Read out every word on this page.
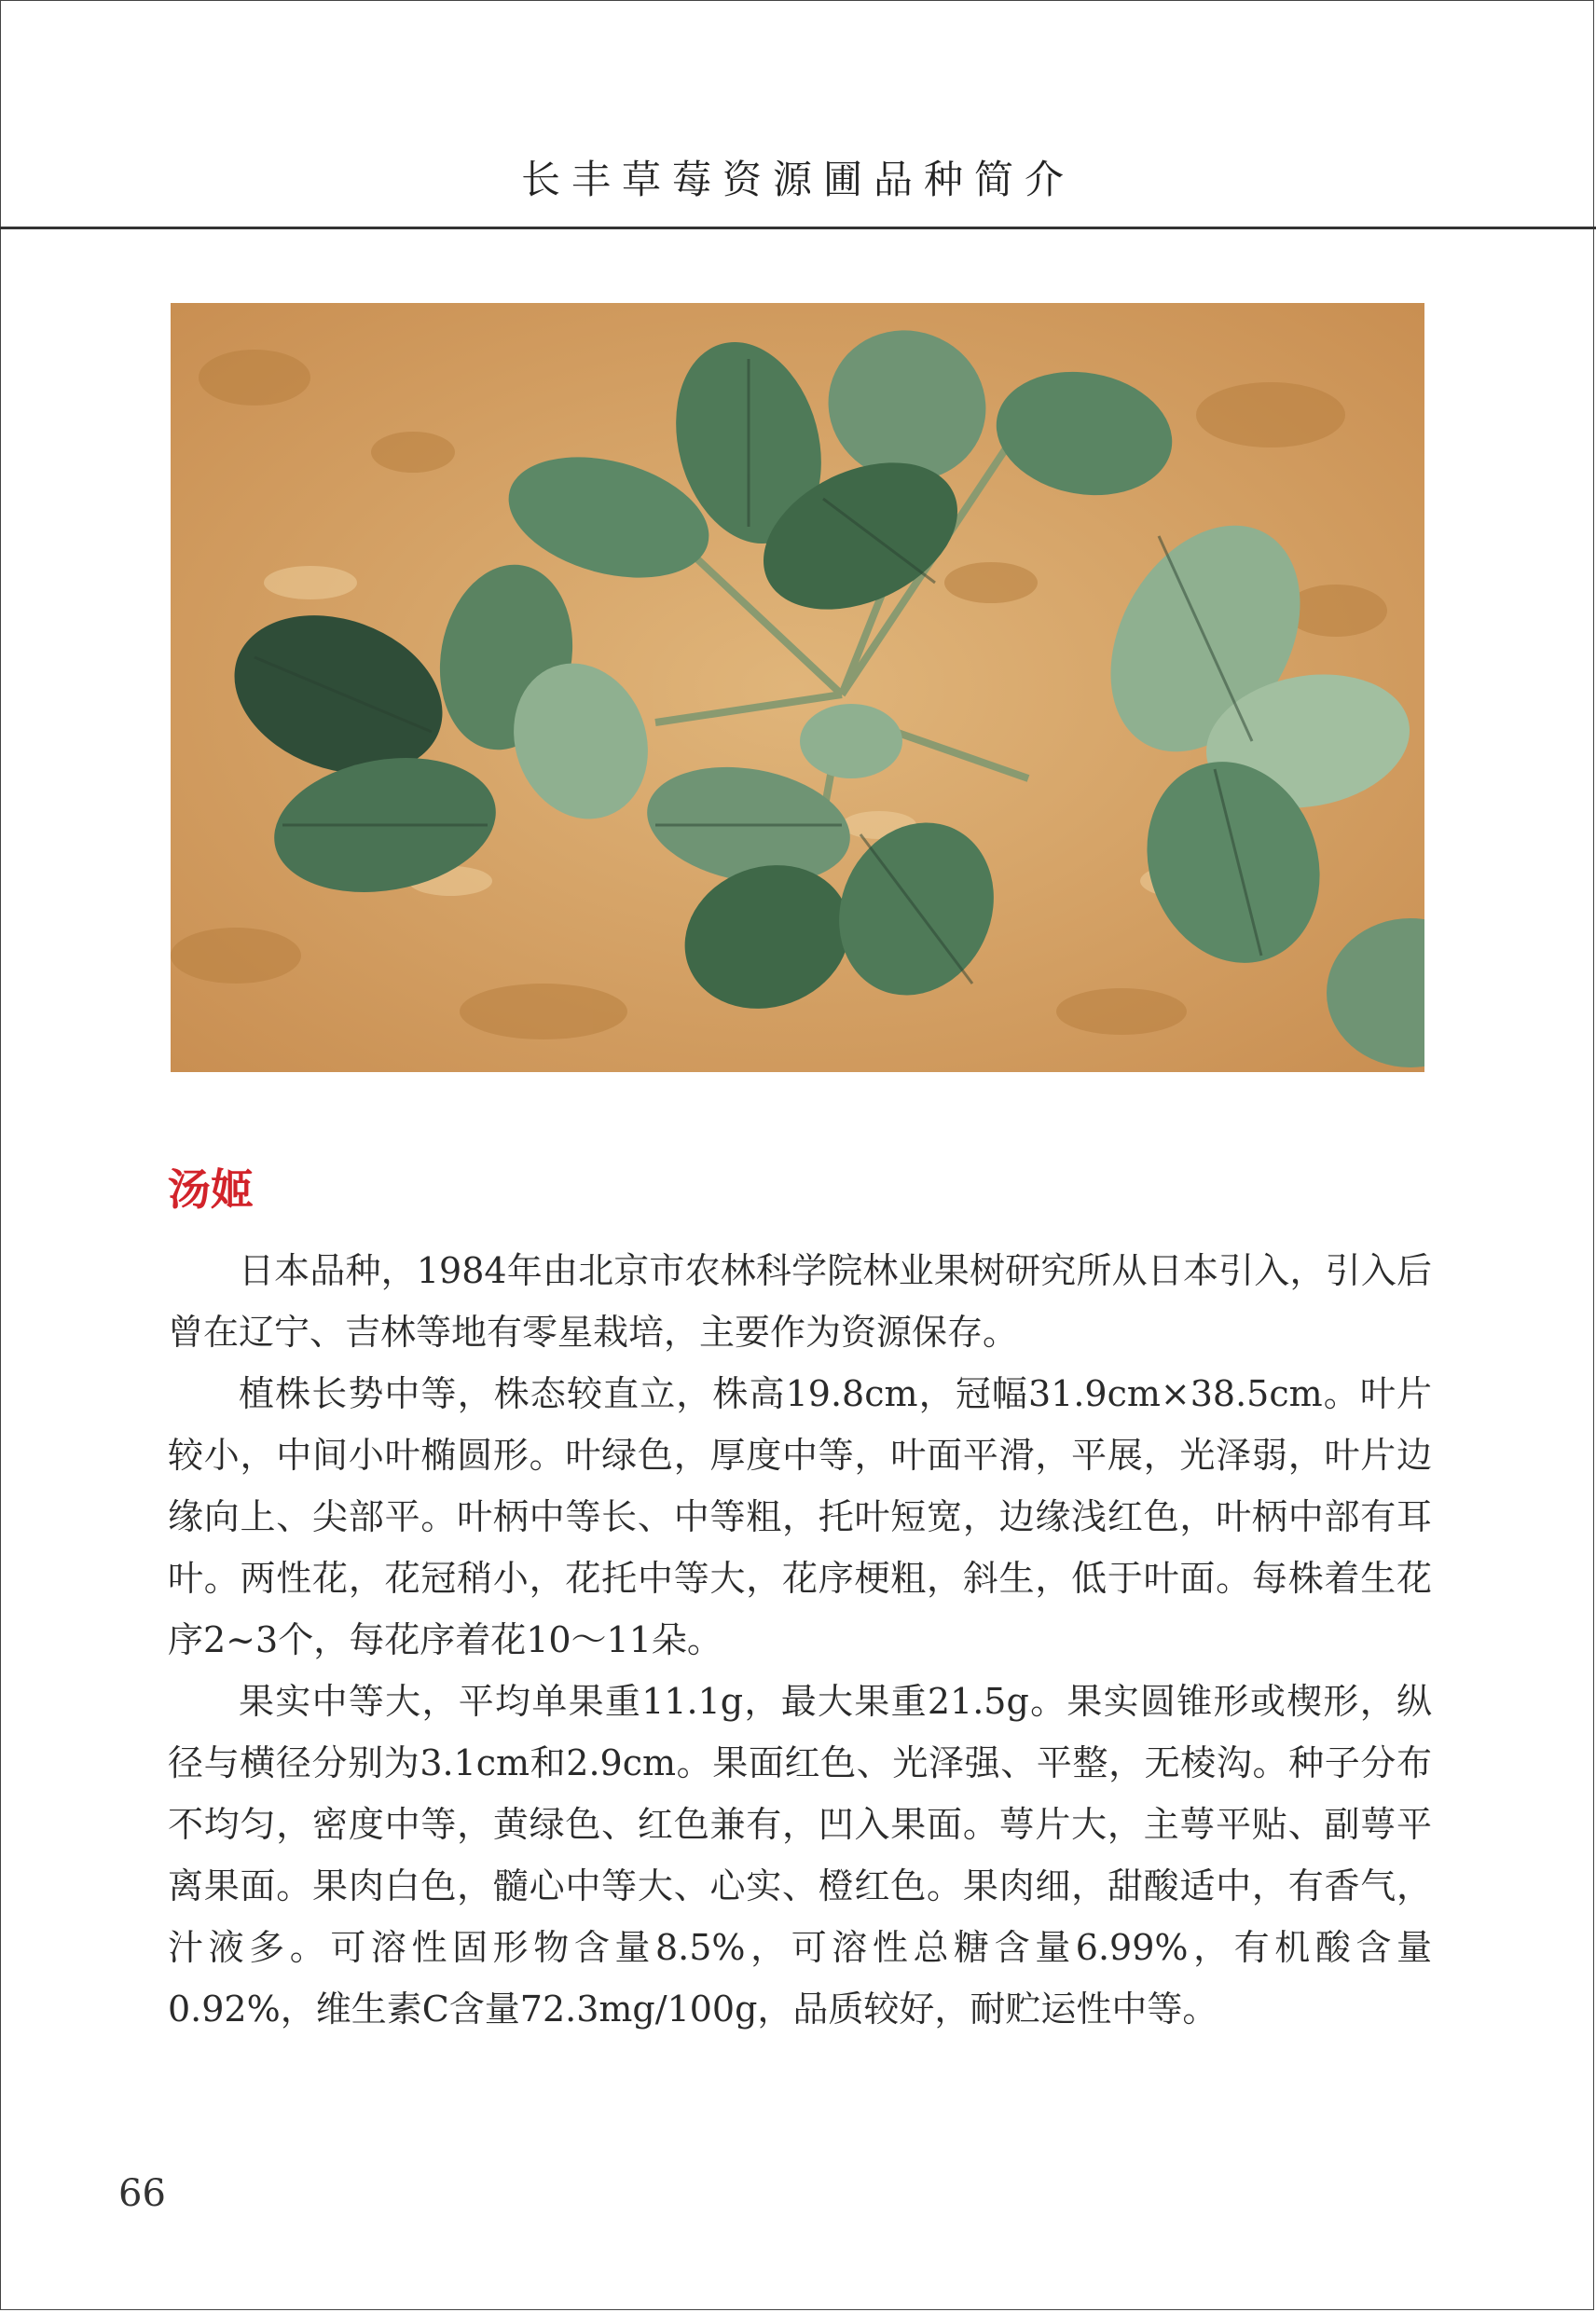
长丰草莓资源圃品种简介
汤姬

日本品种，1984年由北京市农林科学院林业果树研究所从日本引入，引入后曾在辽宁、吉林等地有零星栽培，主要作为资源保存。

植株长势中等，株态较直立，株高19.8cm，冠幅31.9cm×38.5cm。叶片较小，中间小叶椭圆形。叶绿色，厚度中等，叶面平滑，平展，光泽弱，叶片边缘向上、尖部平。叶柄中等长、中等粗，托叶短宽，边缘浅红色，叶柄中部有耳叶。两性花，花冠稍小，花托中等大，花序梗粗，斜生，低于叶面。每株着生花序2~3个，每花序着花10～11朵。

果实中等大，平均单果重11.1g，最大果重21.5g。果实圆锥形或楔形，纵径与横径分别为3.1cm和2.9cm。果面红色、光泽强、平整，无棱沟。种子分布不均匀，密度中等，黄绿色、红色兼有，凹入果面。萼片大，主萼平贴、副萼平离果面。果肉白色，髓心中等大、心实、橙红色。果肉细，甜酸适中，有香气，汁液多。可溶性固形物含量8.5%，可溶性总糖含量6.99%，有机酸含量0.92%，维生素C含量72.3mg/100g，品质较好，耐贮运性中等。

66
